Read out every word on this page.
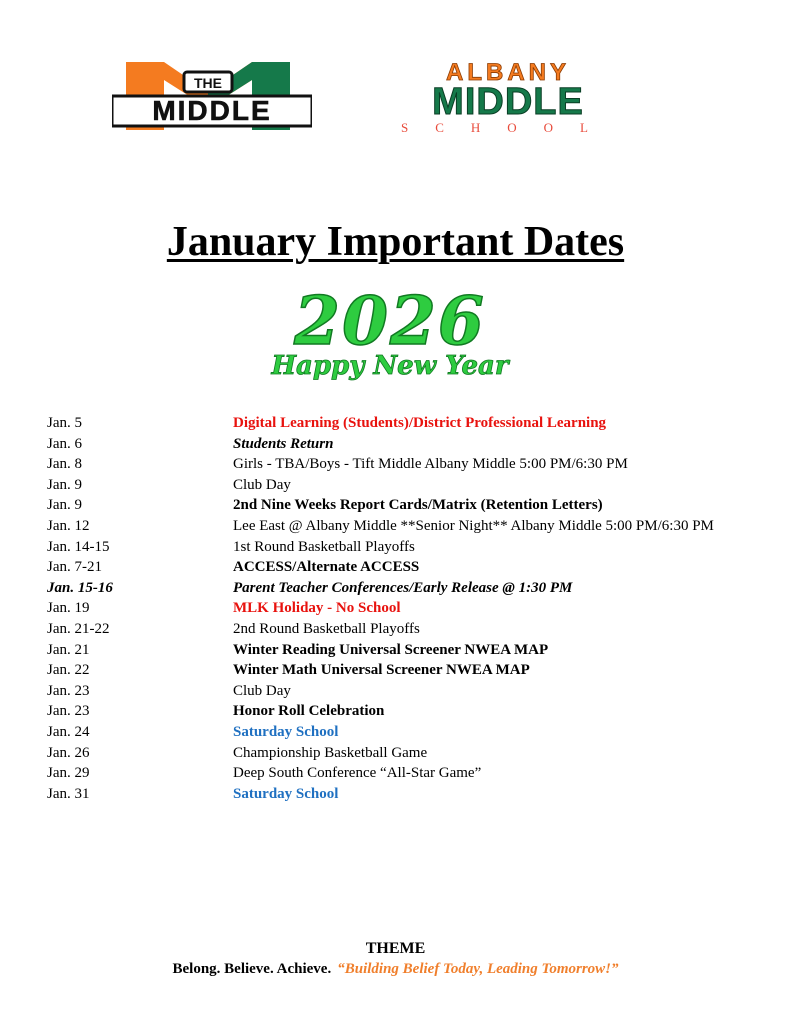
THE
MIDDLE
ALBANY
MIDDLE
SCHOOL
January Important Dates
2026
Happy New Year
Jan. 5	Digital Learning (Students)/District Professional Learning
Jan. 6	Students Return
Jan. 8	Girls - TBA/Boys - Tift Middle Albany Middle 5:00 PM/6:30 PM
Jan. 9	Club Day
Jan. 9	2nd Nine Weeks Report Cards/Matrix (Retention Letters)
Jan. 12	Lee East @ Albany Middle **Senior Night** Albany Middle 5:00 PM/6:30 PM
Jan. 14-15	1st Round Basketball Playoffs
Jan. 7-21	ACCESS/Alternate ACCESS
Jan. 15-16	Parent Teacher Conferences/Early Release @ 1:30 PM
Jan. 19	MLK Holiday - No School
Jan. 21-22	2nd Round Basketball Playoffs
Jan. 21	Winter Reading Universal Screener NWEA MAP
Jan. 22	Winter Math Universal Screener NWEA MAP
Jan. 23	Club Day
Jan. 23	Honor Roll Celebration
Jan. 24	Saturday School
Jan. 26	Championship Basketball Game
Jan. 29	Deep South Conference “All-Star Game”
Jan. 31	Saturday School
THEME
Belong. Believe. Achieve. “Building Belief Today, Leading Tomorrow!”
